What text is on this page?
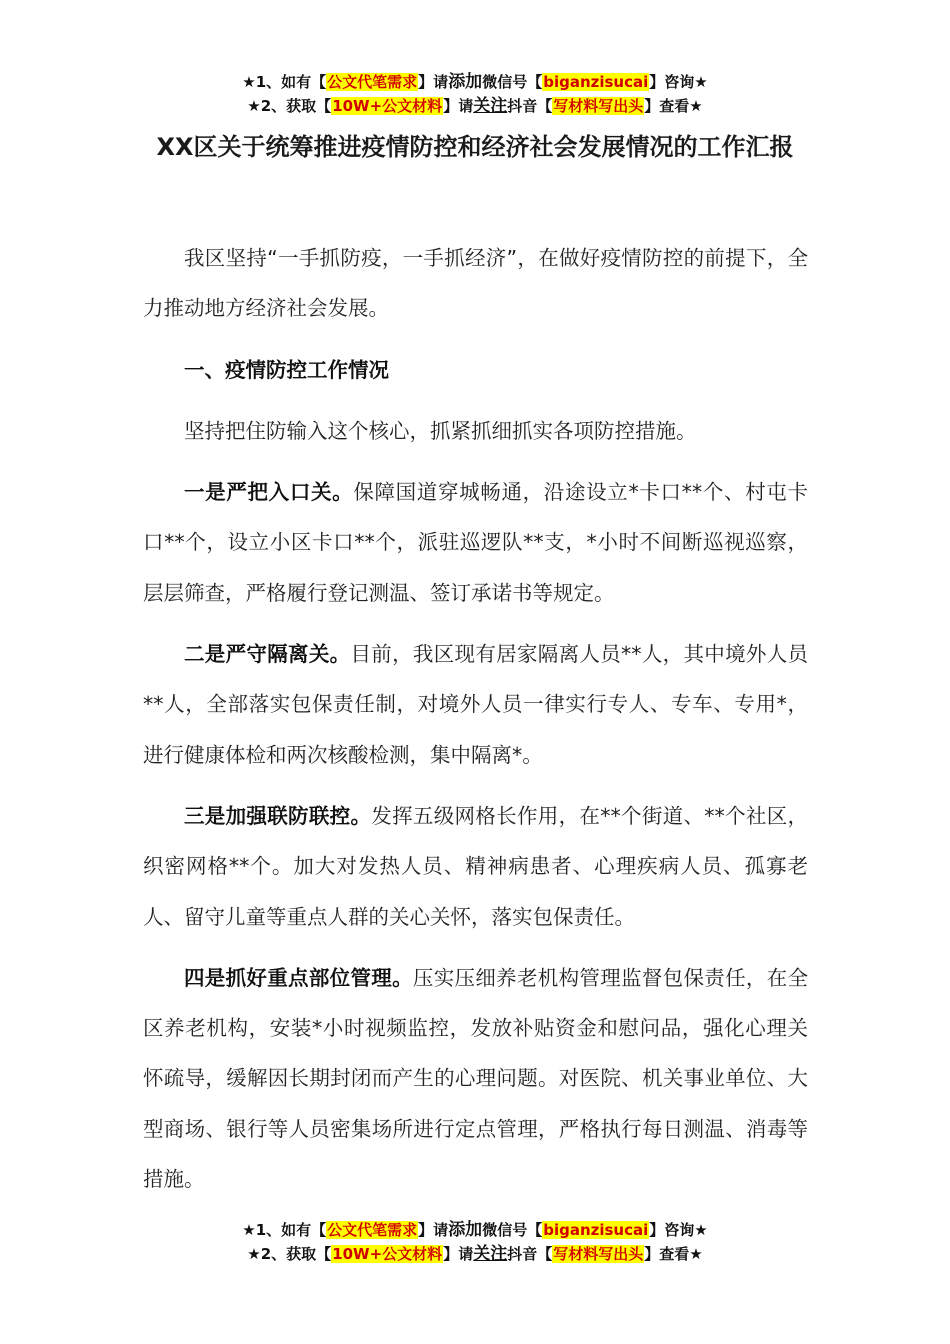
★1、如有【公文代笔需求】请添加微信号【biganzisucai】咨询★
★2、获取【10W+公文材料】请关注抖音【写材料写出头】查看★
XX区关于统筹推进疫情防控和经济社会发展情况的工作汇报

我区坚持“一手抓防疫，一手抓经济”，在做好疫情防控的前提下，全力推动地方经济社会发展。

一、疫情防控工作情况

坚持把住防输入这个核心，抓紧抓细抓实各项防控措施。

一是严把入口关。保障国道穿城畅通，沿途设立*卡口**个、村屯卡口**个，设立小区卡口**个，派驻巡逻队**支，*小时不间断巡视巡察，层层筛查，严格履行登记测温、签订承诺书等规定。

二是严守隔离关。目前，我区现有居家隔离人员**人，其中境外人员**人，全部落实包保责任制，对境外人员一律实行专人、专车、专用*，进行健康体检和两次核酸检测，集中隔离*。

三是加强联防联控。发挥五级网格长作用，在**个街道、**个社区，织密网格**个。加大对发热人员、精神病患者、心理疾病人员、孤寡老人、留守儿童等重点人群的关心关怀，落实包保责任。

四是抓好重点部位管理。压实压细养老机构管理监督包保责任，在全区养老机构，安装*小时视频监控，发放补贴资金和慰问品，强化心理关怀疏导，缓解因长期封闭而产生的心理问题。对医院、机关事业单位、大型商场、银行等人员密集场所进行定点管理，严格执行每日测温、消毒等措施。

★1、如有【公文代笔需求】请添加微信号【biganzisucai】咨询★
★2、获取【10W+公文材料】请关注抖音【写材料写出头】查看★
